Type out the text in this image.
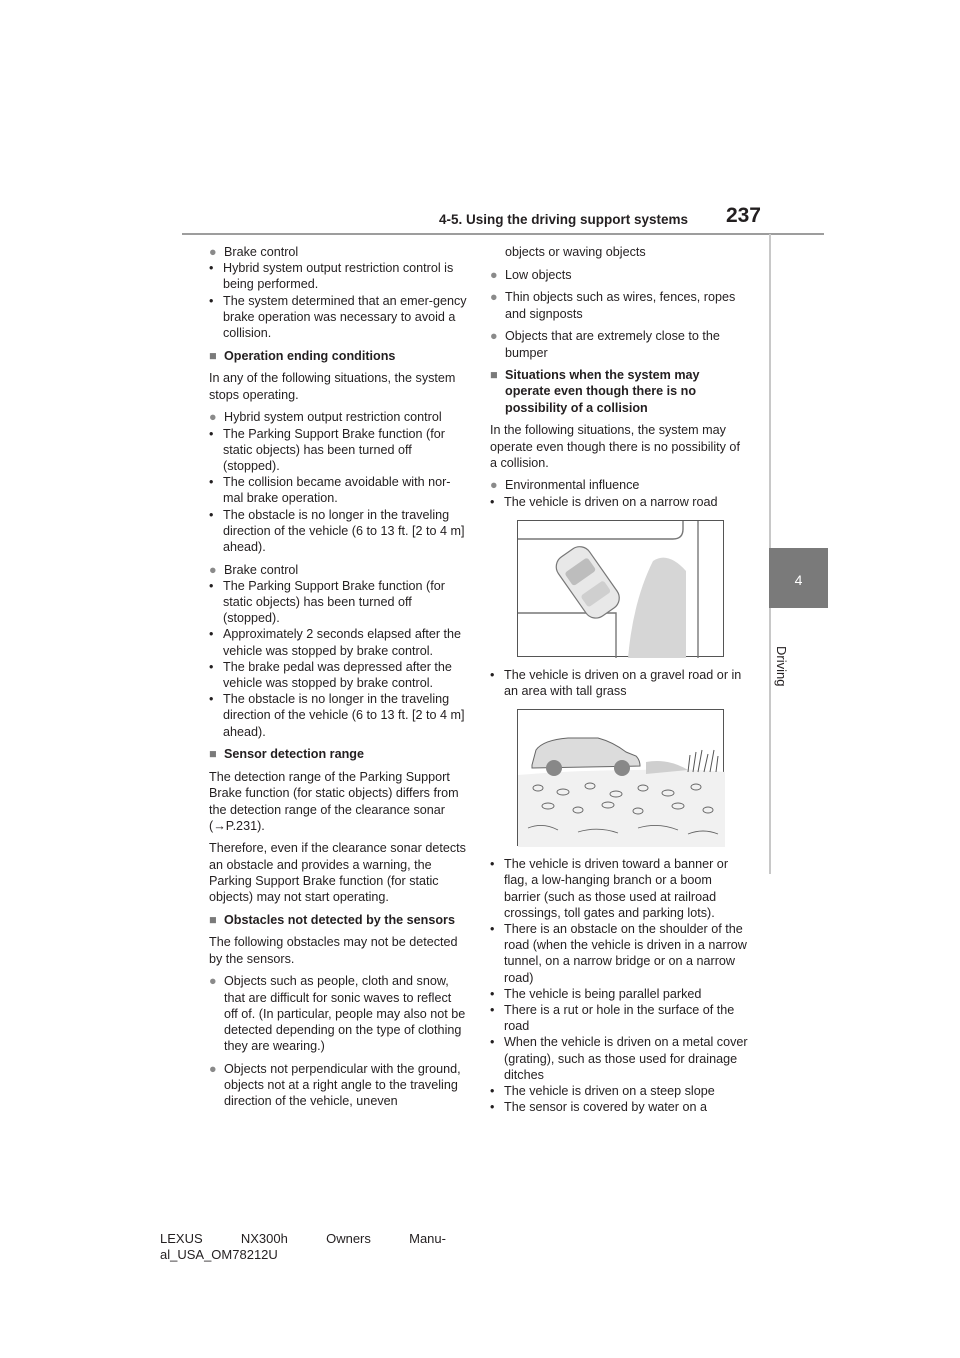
4-5. Using the driving support systems 237
4
Driving
● Brake control
• Hybrid system output restriction control is being performed.
• The system determined that an emer-gency brake operation was necessary to avoid a collision.
■ Operation ending conditions
In any of the following situations, the system stops operating.
● Hybrid system output restriction control
• The Parking Support Brake function (for static objects) has been turned off (stopped).
• The collision became avoidable with nor-mal brake operation.
• The obstacle is no longer in the traveling direction of the vehicle (6 to 13 ft. [2 to 4 m] ahead).
● Brake control
• The Parking Support Brake function (for static objects) has been turned off (stopped).
• Approximately 2 seconds elapsed after the vehicle was stopped by brake control.
• The brake pedal was depressed after the vehicle was stopped by brake control.
• The obstacle is no longer in the traveling direction of the vehicle (6 to 13 ft. [2 to 4 m] ahead).
■ Sensor detection range
The detection range of the Parking Support Brake function (for static objects) differs from the detection range of the clearance sonar (→P.231).
Therefore, even if the clearance sonar detects an obstacle and provides a warning, the Parking Support Brake function (for static objects) may not start operating.
■ Obstacles not detected by the sensors
The following obstacles may not be detected by the sensors.
● Objects such as people, cloth and snow, that are difficult for sonic waves to reflect off of. (In particular, people may also not be detected depending on the type of clothing they are wearing.)
● Objects not perpendicular with the ground, objects not at a right angle to the traveling direction of the vehicle, uneven
objects or waving objects
● Low objects
● Thin objects such as wires, fences, ropes and signposts
● Objects that are extremely close to the bumper
■ Situations when the system may operate even though there is no possibility of a collision
In the following situations, the system may operate even though there is no possibility of a collision.
● Environmental influence
• The vehicle is driven on a narrow road
• The vehicle is driven on a gravel road or in an area with tall grass
• The vehicle is driven toward a banner or flag, a low-hanging branch or a boom barrier (such as those used at railroad crossings, toll gates and parking lots).
• There is an obstacle on the shoulder of the road (when the vehicle is driven in a narrow tunnel, on a narrow bridge or on a narrow road)
• The vehicle is being parallel parked
• There is a rut or hole in the surface of the road
• When the vehicle is driven on a metal cover (grating), such as those used for drainage ditches
• The vehicle is driven on a steep slope
• The sensor is covered by water on a
LEXUS	NX300h	Owners	Manu-
al_USA_OM78212U
